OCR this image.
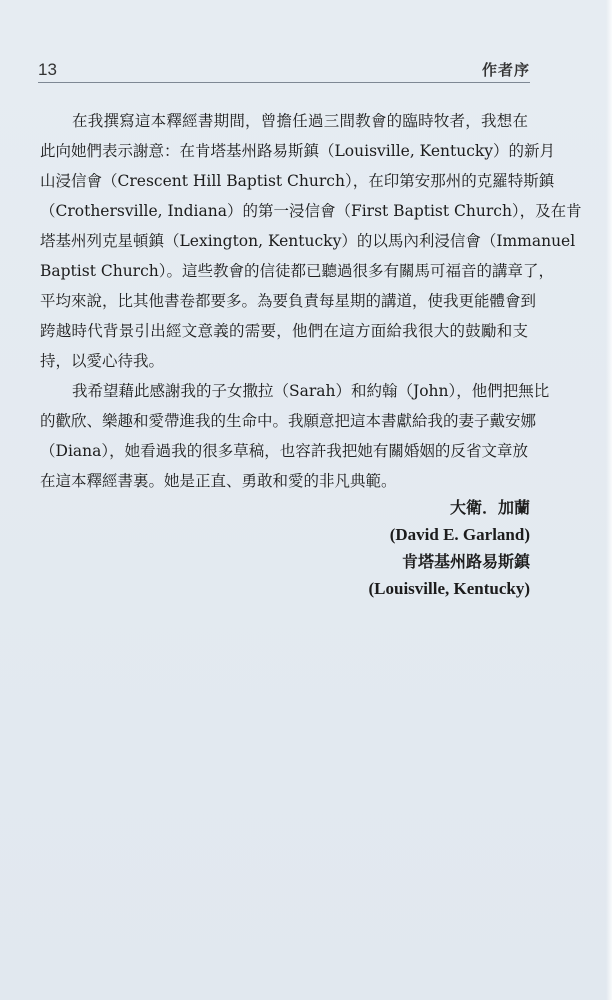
13	作者序

在我撰寫這本釋經書期間，曾擔任過三間教會的臨時牧者，我想在
此向她們表示謝意：在肯塔基州路易斯鎮（Louisville, Kentucky）的新月
山浸信會（Crescent Hill Baptist Church），在印第安那州的克羅特斯鎮
（Crothersville, Indiana）的第一浸信會（First Baptist Church），及在肯
塔基州列克星頓鎮（Lexington, Kentucky）的以馬內利浸信會（Immanuel
Baptist Church）。這些教會的信徒都已聽過很多有關馬可福音的講章了，
平均來說，比其他書卷都要多。為要負責每星期的講道，使我更能體會到
跨越時代背景引出經文意義的需要，他們在這方面給我很大的鼓勵和支
持，以愛心待我。

我希望藉此感謝我的子女撒拉（Sarah）和約翰（John），他們把無比
的歡欣、樂趣和愛帶進我的生命中。我願意把這本書獻給我的妻子戴安娜
（Diana），她看過我的很多草稿，也容許我把她有關婚姻的反省文章放
在這本釋經書裏。她是正直、勇敢和愛的非凡典範。

大衛．加蘭
(David E. Garland)
肯塔基州路易斯鎮
(Louisville, Kentucky)
